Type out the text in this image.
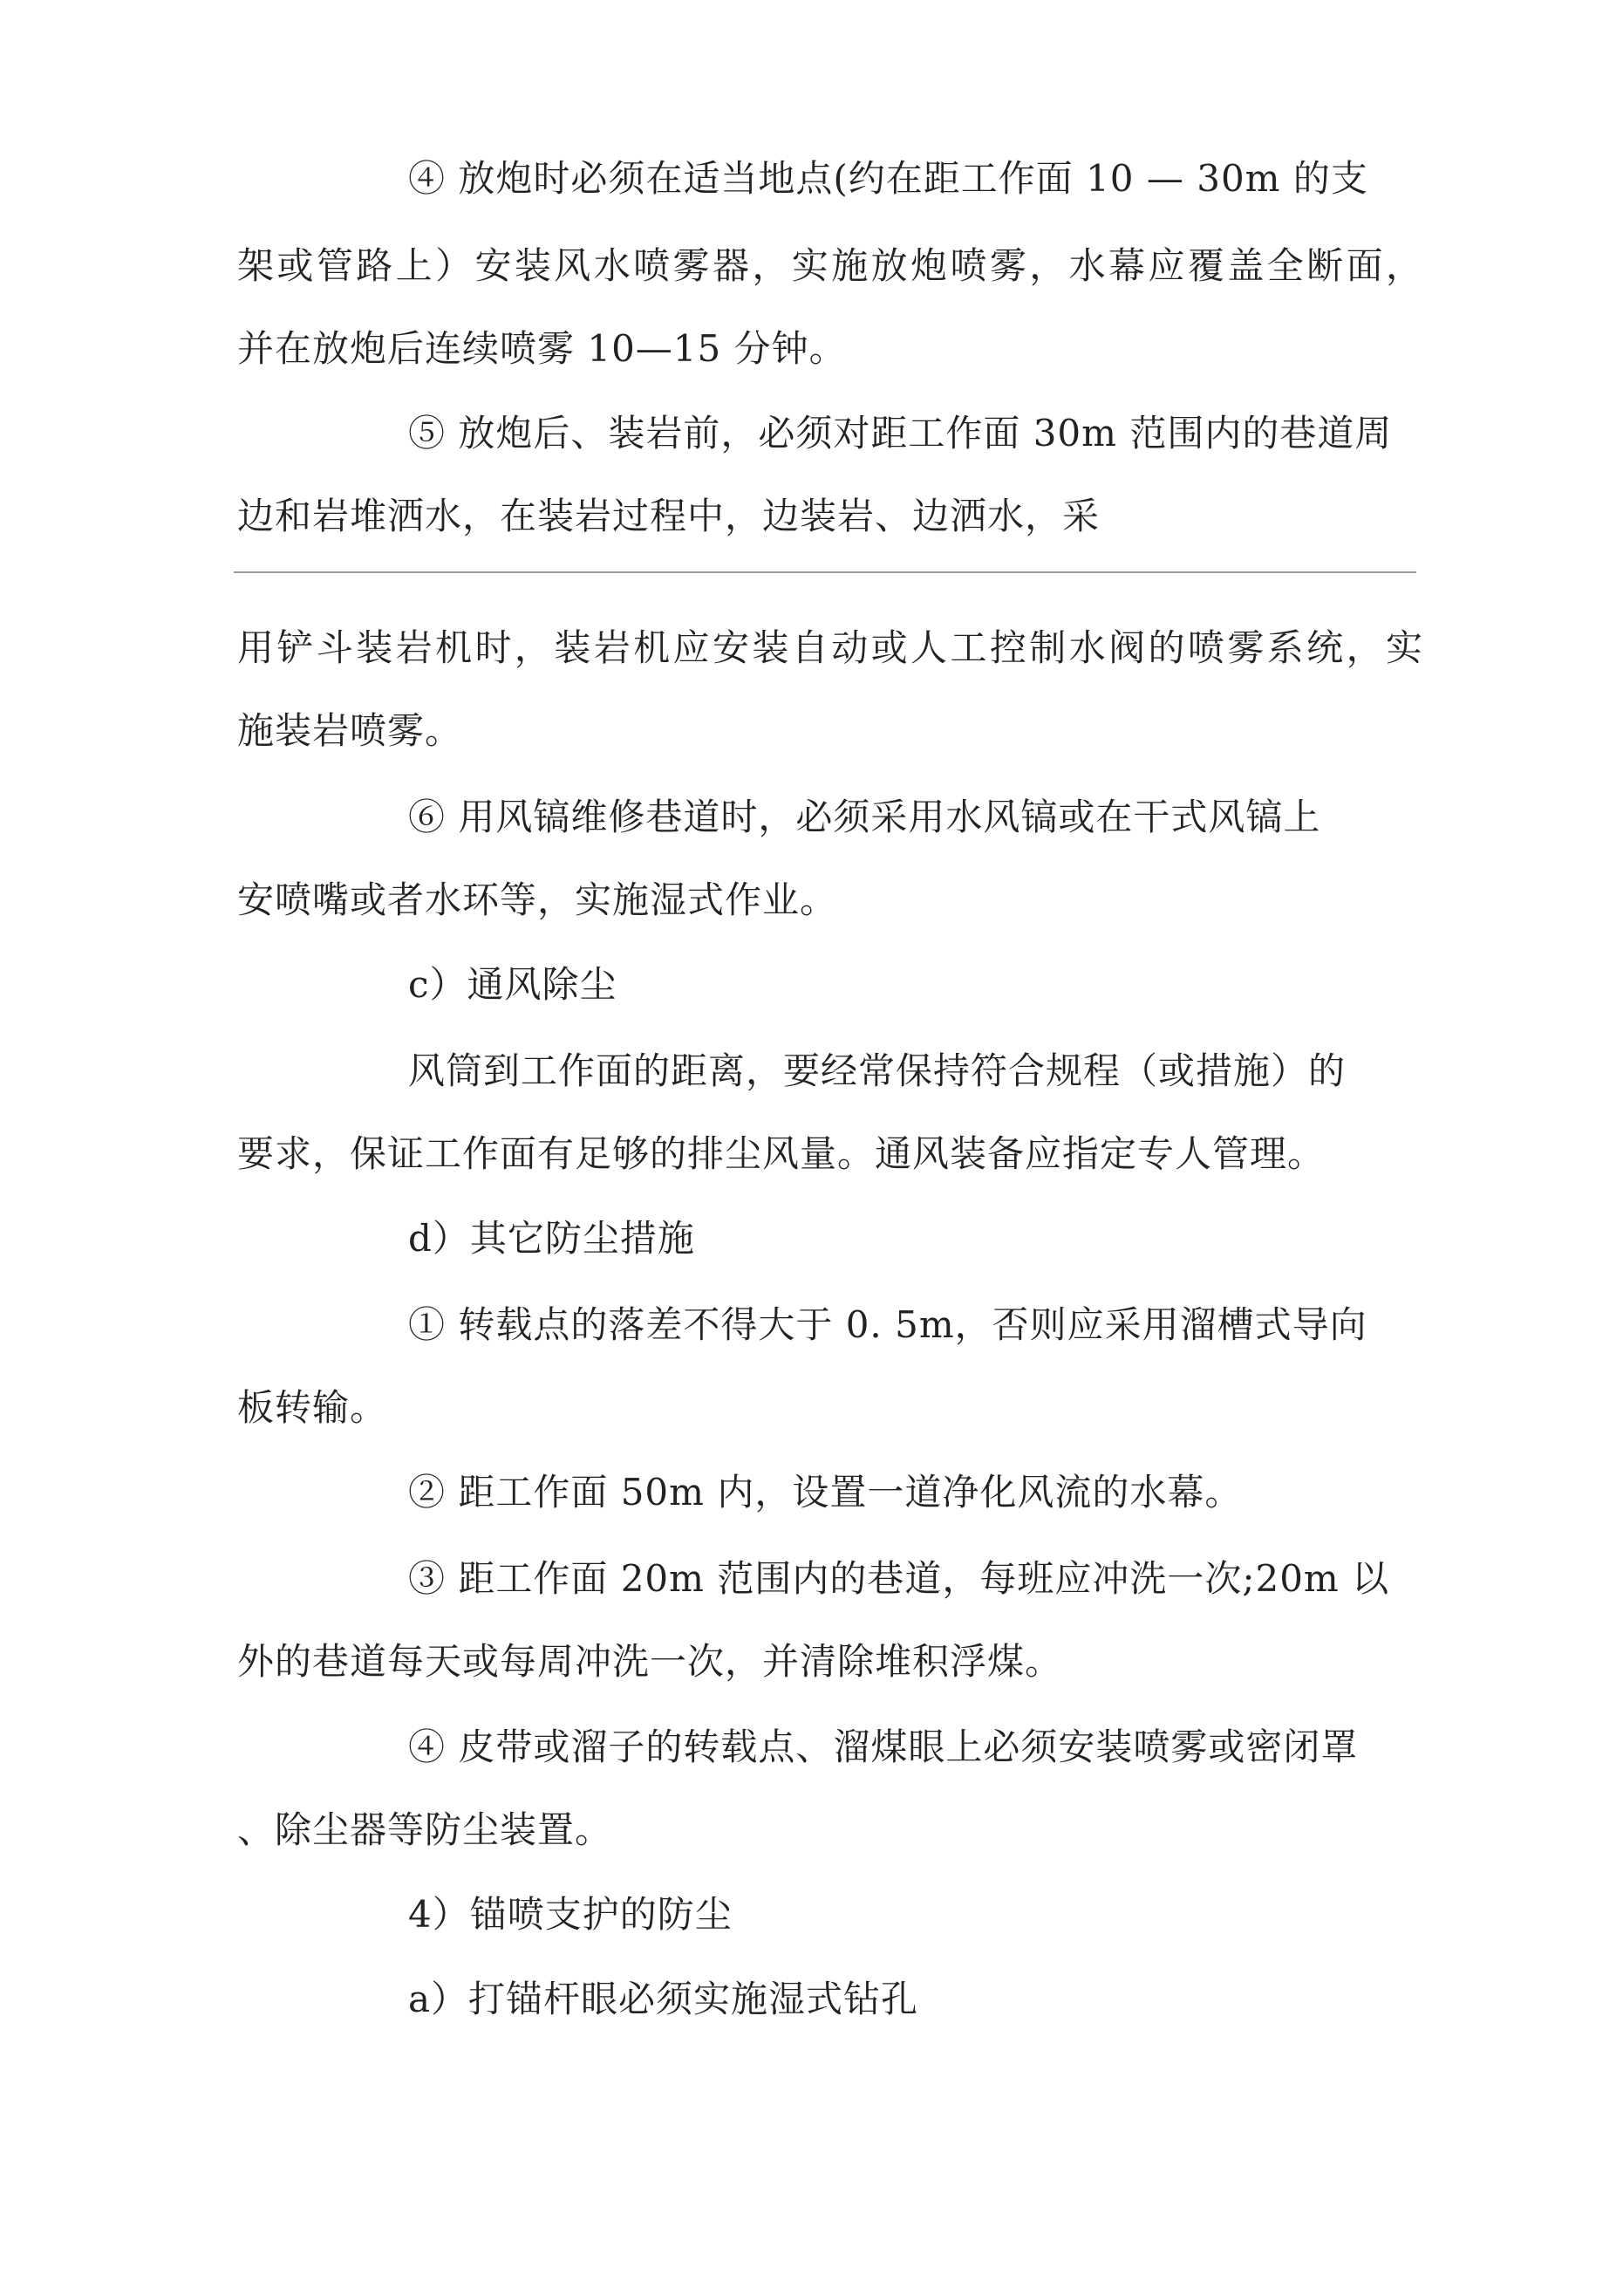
④ 放炮时必须在适当地点(约在距工作面 10 — 30m 的支
架或管路上）安装风水喷雾器，实施放炮喷雾，水幕应覆盖全断面，
并在放炮后连续喷雾 10—15 分钟。
⑤ 放炮后、装岩前，必须对距工作面 30m 范围内的巷道周
边和岩堆洒水，在装岩过程中，边装岩、边洒水，采
用铲斗装岩机时，装岩机应安装自动或人工控制水阀的喷雾系统，实
施装岩喷雾。
⑥ 用风镐维修巷道时，必须采用水风镐或在干式风镐上
安喷嘴或者水环等，实施湿式作业。
c）通风除尘
风筒到工作面的距离，要经常保持符合规程（或措施）的
要求，保证工作面有足够的排尘风量。通风装备应指定专人管理。
d）其它防尘措施
① 转载点的落差不得大于 0. 5m，否则应采用溜槽式导向
板转输。
② 距工作面 50m 内，设置一道净化风流的水幕。
③ 距工作面 20m 范围内的巷道，每班应冲洗一次;20m 以
外的巷道每天或每周冲洗一次，并清除堆积浮煤。
④ 皮带或溜子的转载点、溜煤眼上必须安装喷雾或密闭罩
、除尘器等防尘装置。
4）锚喷支护的防尘
a）打锚杆眼必须实施湿式钻孔
